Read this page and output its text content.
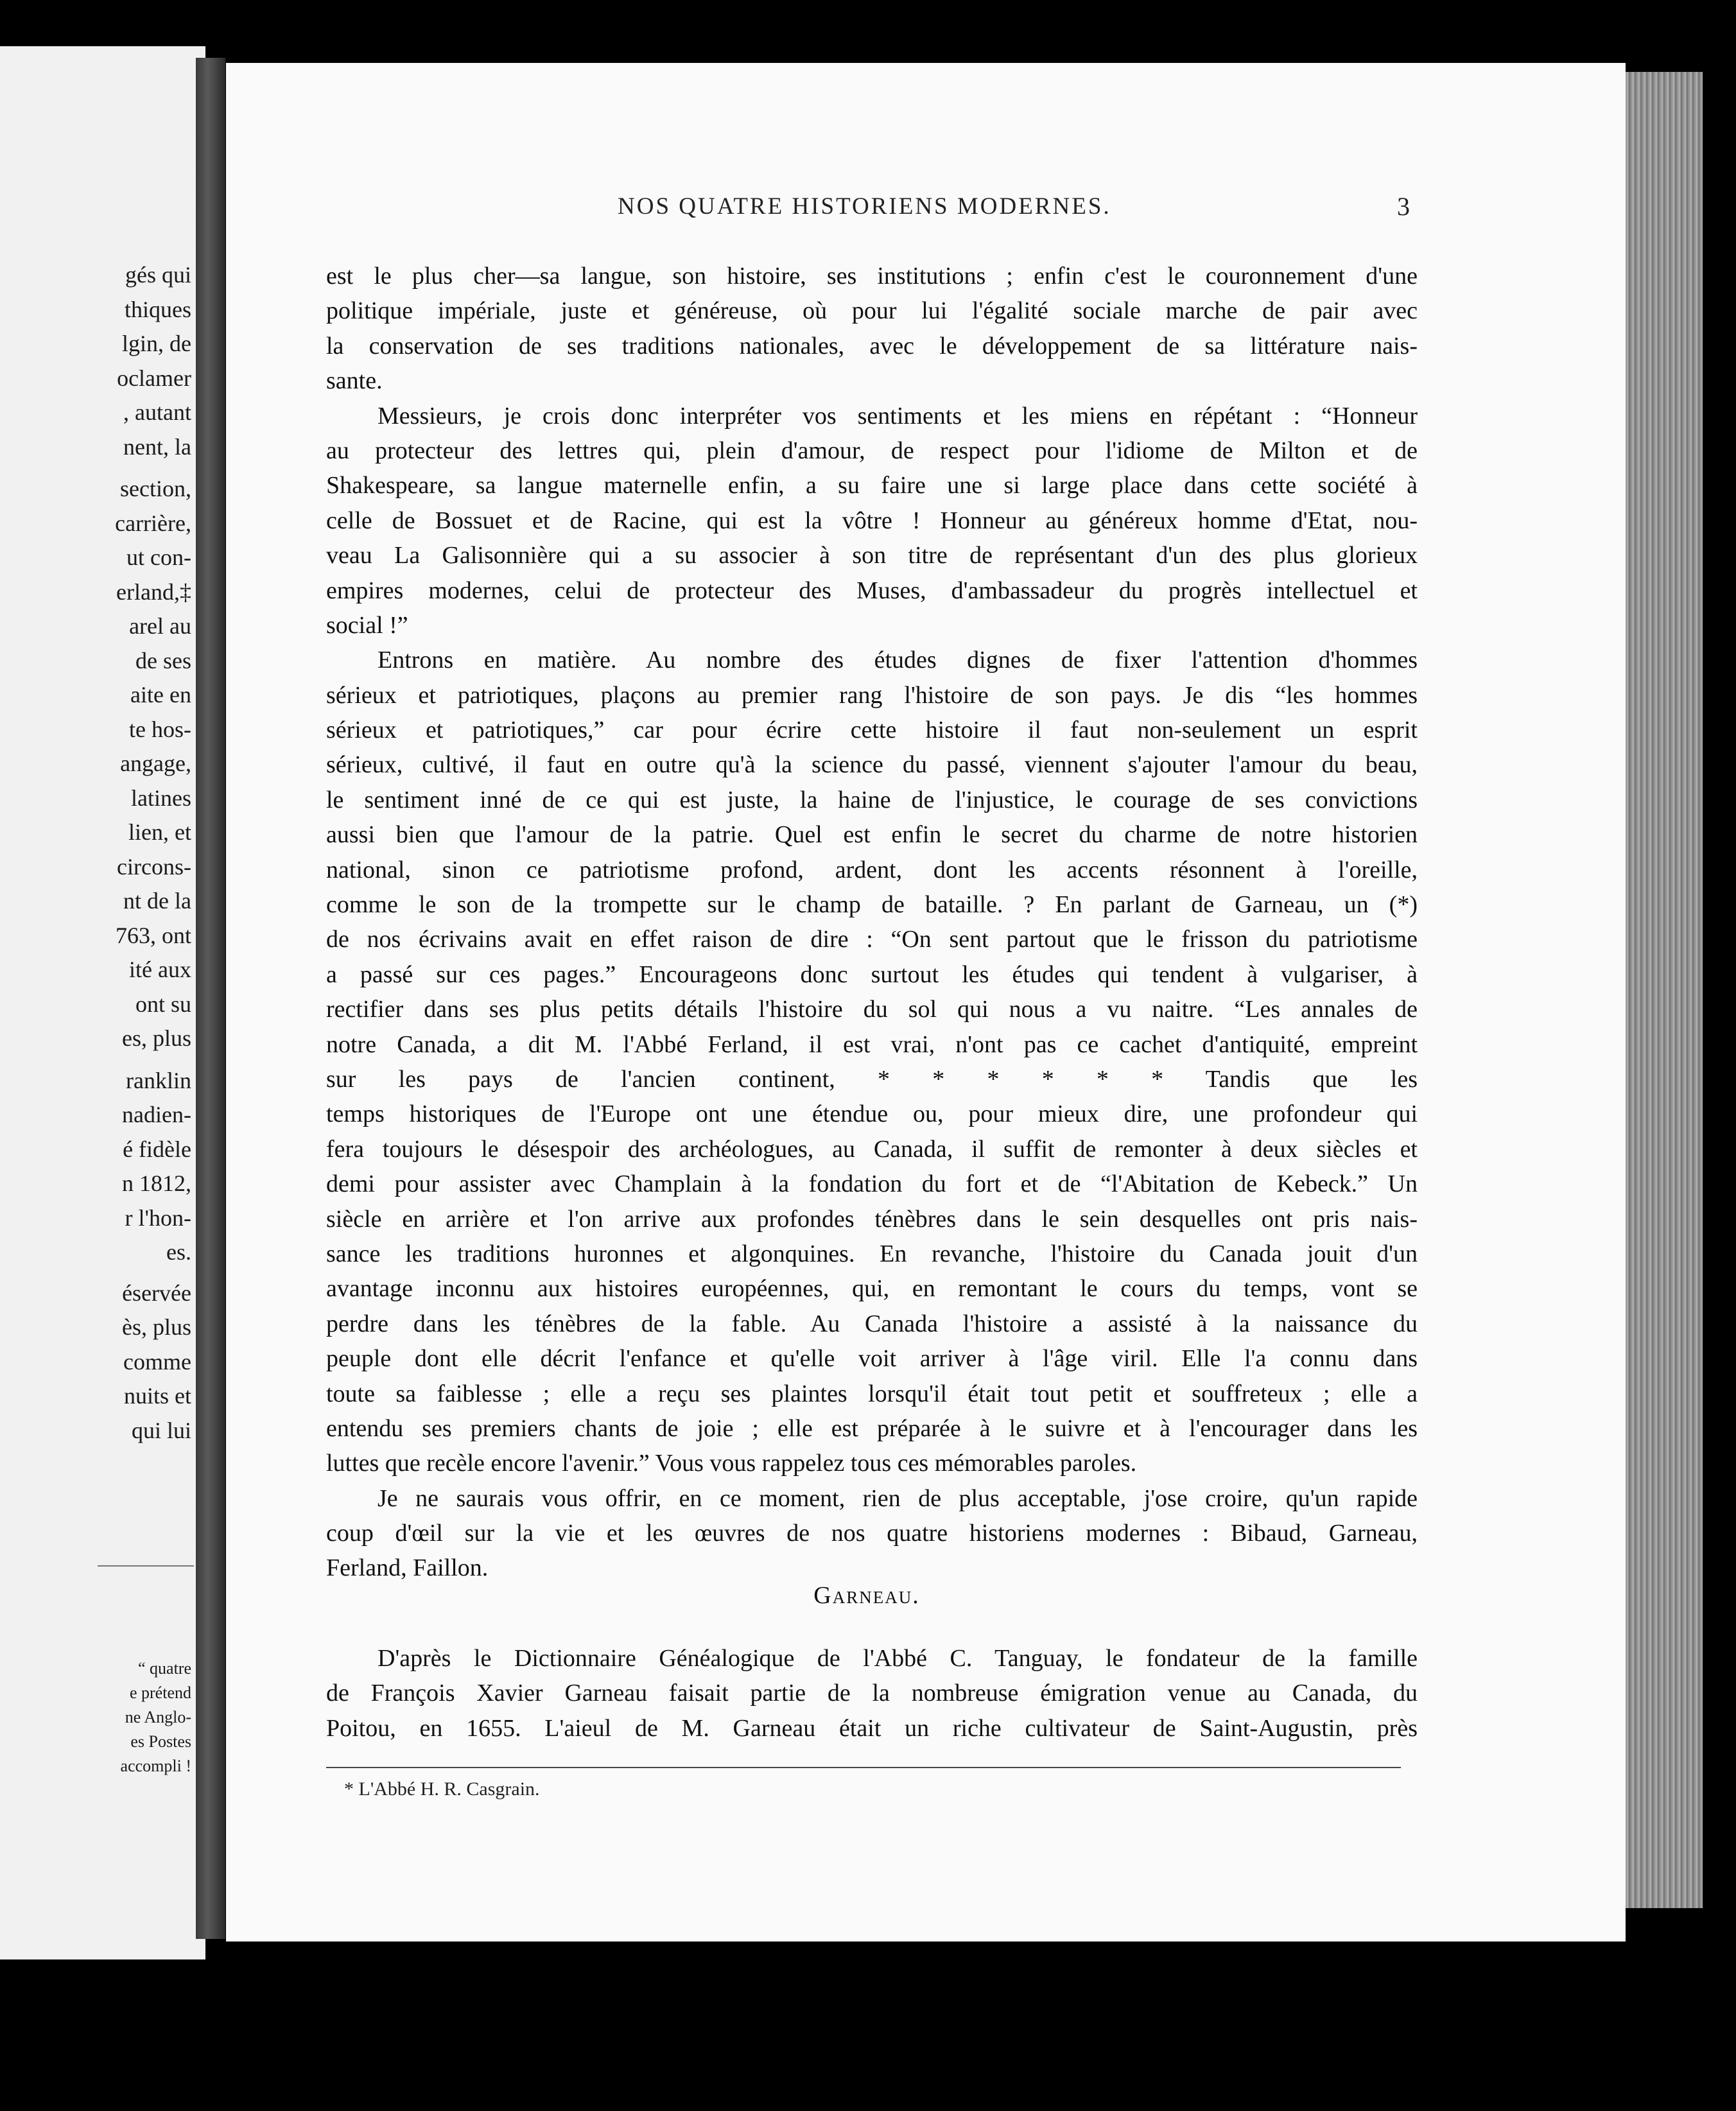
gés qui
thiques
lgin, de
oclamer
, autant
nent, la
section,
carrière,
ut con-
erland,‡
arel au
de ses
aite en
te hos-
angage,
latines
lien, et
circons-
nt de la
763, ont
ité aux
ont su
es, plus
ranklin
nadien-
é fidèle
n 1812,
r l'hon-
es.
éservée
ès, plus
comme
nuits et
qui lui
“ quatre
e prétend
ne Anglo-
es Postes
accompli !
NOS QUATRE HISTORIENS MODERNES.	3
est le plus cher—sa langue, son histoire, ses institutions ; enfin c'est le couronnement d'une
politique impériale, juste et généreuse, où pour lui l'égalité sociale marche de pair avec
la conservation de ses traditions nationales, avec le développement de sa littérature nais-
sante.
Messieurs, je crois donc interpréter vos sentiments et les miens en répétant : “Honneur
au protecteur des lettres qui, plein d'amour, de respect pour l'idiome de Milton et de
Shakespeare, sa langue maternelle enfin, a su faire une si large place dans cette société à
celle de Bossuet et de Racine, qui est la vôtre ! Honneur au généreux homme d'Etat, nou-
veau La Galisonnière qui a su associer à son titre de représentant d'un des plus glorieux
empires modernes, celui de protecteur des Muses, d'ambassadeur du progrès intellectuel et
social !”
Entrons en matière. Au nombre des études dignes de fixer l'attention d'hommes
sérieux et patriotiques, plaçons au premier rang l'histoire de son pays. Je dis “les hommes
sérieux et patriotiques,” car pour écrire cette histoire il faut non-seulement un esprit
sérieux, cultivé, il faut en outre qu'à la science du passé, viennent s'ajouter l'amour du beau,
le sentiment inné de ce qui est juste, la haine de l'injustice, le courage de ses convictions
aussi bien que l'amour de la patrie. Quel est enfin le secret du charme de notre historien
national, sinon ce patriotisme profond, ardent, dont les accents résonnent à l'oreille,
comme le son de la trompette sur le champ de bataille. ? En parlant de Garneau, un (*)
de nos écrivains avait en effet raison de dire : “On sent partout que le frisson du patriotisme
a passé sur ces pages.” Encourageons donc surtout les études qui tendent à vulgariser, à
rectifier dans ses plus petits détails l'histoire du sol qui nous a vu naitre. “Les annales de
notre Canada, a dit M. l'Abbé Ferland, il est vrai, n'ont pas ce cachet d'antiquité, empreint
sur les pays de l'ancien continent, * * * * * * Tandis que les
temps historiques de l'Europe ont une étendue ou, pour mieux dire, une profondeur qui
fera toujours le désespoir des archéologues, au Canada, il suffit de remonter à deux siècles et
demi pour assister avec Champlain à la fondation du fort et de “l'Abitation de Kebeck.” Un
siècle en arrière et l'on arrive aux profondes ténèbres dans le sein desquelles ont pris nais-
sance les traditions huronnes et algonquines. En revanche, l'histoire du Canada jouit d'un
avantage inconnu aux histoires européennes, qui, en remontant le cours du temps, vont se
perdre dans les ténèbres de la fable. Au Canada l'histoire a assisté à la naissance du
peuple dont elle décrit l'enfance et qu'elle voit arriver à l'âge viril. Elle l'a connu dans
toute sa faiblesse ; elle a reçu ses plaintes lorsqu'il était tout petit et souffreteux ; elle a
entendu ses premiers chants de joie ; elle est préparée à le suivre et à l'encourager dans les
luttes que recèle encore l'avenir.” Vous vous rappelez tous ces mémorables paroles.
Je ne saurais vous offrir, en ce moment, rien de plus acceptable, j'ose croire, qu'un rapide
coup d'œil sur la vie et les œuvres de nos quatre historiens modernes : Bibaud, Garneau,
Ferland, Faillon.
Garneau.
D'après le Dictionnaire Généalogique de l'Abbé C. Tanguay, le fondateur de la famille
de François Xavier Garneau faisait partie de la nombreuse émigration venue au Canada, du
Poitou, en 1655. L'aieul de M. Garneau était un riche cultivateur de Saint-Augustin, près
* L'Abbé H. R. Casgrain.
